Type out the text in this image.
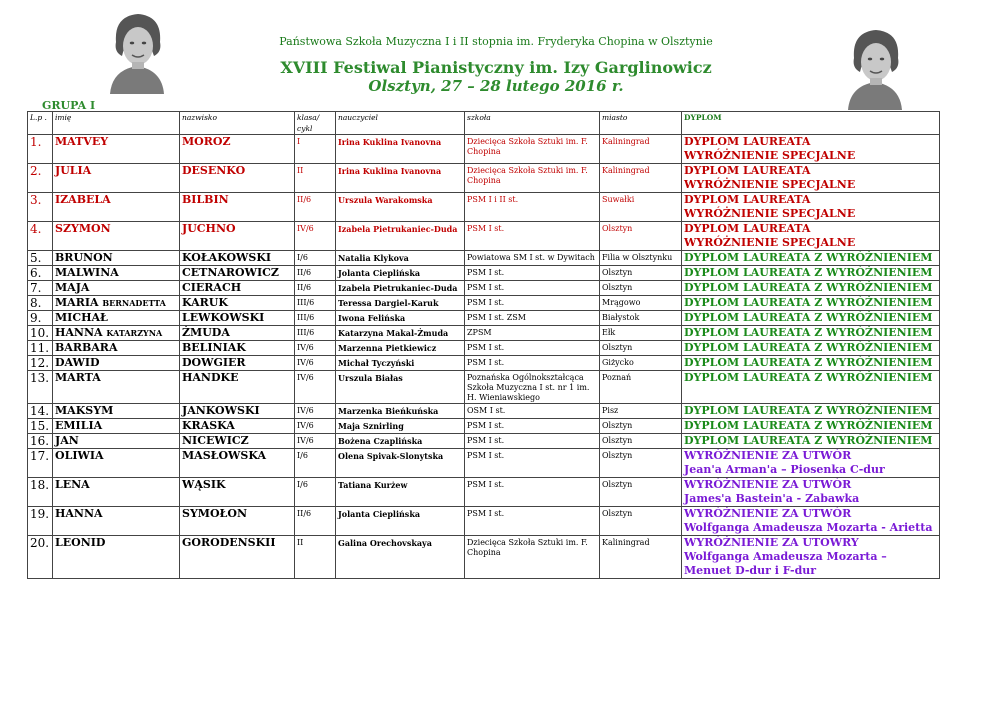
Państwowa Szkoła Muzyczna I i II stopnia im. Fryderyka Chopina w Olsztynie
XVIII Festiwal Pianistyczny im. Izy Garglinowicz
Olsztyn, 27 – 28 lutego 2016 r.
GRUPA I
L.p .	imię	nazwisko	klasa/ cykl	nauczyciel	szkoła	miasto	DYPLOM
1.	MATVEY	MOROZ	I	Irina Kuklina Ivanovna	Dziecięca Szkoła Sztuki im. F. Chopina	Kaliningrad	DYPLOM LAUREATA
WYRÓŻNIENIE SPECJALNE

2.	JULIA	DESENKO	II	Irina Kuklina Ivanovna	Dziecięca Szkoła Sztuki im. F. Chopina	Kaliningrad	DYPLOM LAUREATA
WYRÓŻNIENIE SPECJALNE

3.	IZABELA	BILBIN	II/6	Urszula Warakomska	PSM I i II st.	Suwałki	DYPLOM LAUREATA
WYRÓŻNIENIE SPECJALNE

4.	SZYMON	JUCHNO	IV/6	Izabela Pietrukaniec-Duda	PSM I st.	Olsztyn	DYPLOM LAUREATA
WYRÓŻNIENIE SPECJALNE

5.	BRUNON	KOŁAKOWSKI	I/6	Natalia Klykova	Powiatowa SM I st. w Dywitach	Filia w Olsztynku	DYPLOM LAUREATA Z WYRÓŻNIENIEM

6.	MALWINA	CETNAROWICZ	II/6	Jolanta Cieplińska	PSM I st.	Olsztyn	DYPLOM LAUREATA Z WYRÓŻNIENIEM

7.	MAJA	CIERACH	II/6	Izabela Pietrukaniec-Duda	PSM I st.	Olsztyn	DYPLOM LAUREATA Z WYRÓŻNIENIEM

8.	MARIA BERNADETTA	KARUK	III/6	Teressa Dargiel-Karuk	PSM I st.	Mrągowo	DYPLOM LAUREATA Z WYRÓŻNIENIEM

9.	MICHAŁ	LEWKOWSKI	III/6	Iwona Felińska	PSM I st. ZSM	Białystok	DYPLOM LAUREATA Z WYRÓŻNIENIEM

10.	HANNA KATARZYNA	ŻMUDA	III/6	Katarzyna Makal-Żmuda	ZPSM	Ełk	DYPLOM LAUREATA Z WYRÓŻNIENIEM

11.	BARBARA	BELINIAK	IV/6	Marzenna Pietkiewicz	PSM I st.	Olsztyn	DYPLOM LAUREATA Z WYRÓŻNIENIEM

12.	DAWID	DOWGIER	IV/6	Michał Tyczyński	PSM I st.	Giżycko	DYPLOM LAUREATA Z WYRÓŻNIENIEM

13.	MARTA	HANDKE	IV/6	Urszula Białas	Poznańska Ogólnokształcąca Szkoła Muzyczna I st. nr 1 im. H. Wieniawskiego	Poznań	DYPLOM LAUREATA Z WYRÓŻNIENIEM

14.	MAKSYM	JANKOWSKI	IV/6	Marzenka Bieńkuńska	OSM I st.	Pisz	DYPLOM LAUREATA Z WYRÓŻNIENIEM

15.	EMILIA	KRASKA	IV/6	Maja Sznirling	PSM I st.	Olsztyn	DYPLOM LAUREATA Z WYRÓŻNIENIEM

16.	JAN	NICEWICZ	IV/6	Bożena Czaplińska	PSM I st.	Olsztyn	DYPLOM LAUREATA Z WYRÓŻNIENIEM

17.	OLIWIA	MASŁOWSKA	I/6	Olena Spivak-Slonytska	PSM I st.	Olsztyn	WYRÓŻNIENIE ZA UTWÓR
Jean'a Arman'a – Piosenka C-dur

18.	LENA	WĄSIK	I/6	Tatiana Kurżew	PSM I st.	Olsztyn	WYRÓŻNIENIE ZA UTWÓR
James'a Bastein'a - Zabawka

19.	HANNA	SYMOŁON	II/6	Jolanta Cieplińska	PSM I st.	Olsztyn	WYRÓŻNIENIE ZA UTWÓR
Wolfganga Amadeusza Mozarta - Arietta

20.	LEONID	GORODENSKII	II	Galina Orechovskaya	Dziecięca Szkoła Sztuki im. F. Chopina	Kaliningrad	WYRÓŻNIENIE ZA UTOWRY
Wolfganga Amadeusza Mozarta – Menuet D-dur i F-dur
